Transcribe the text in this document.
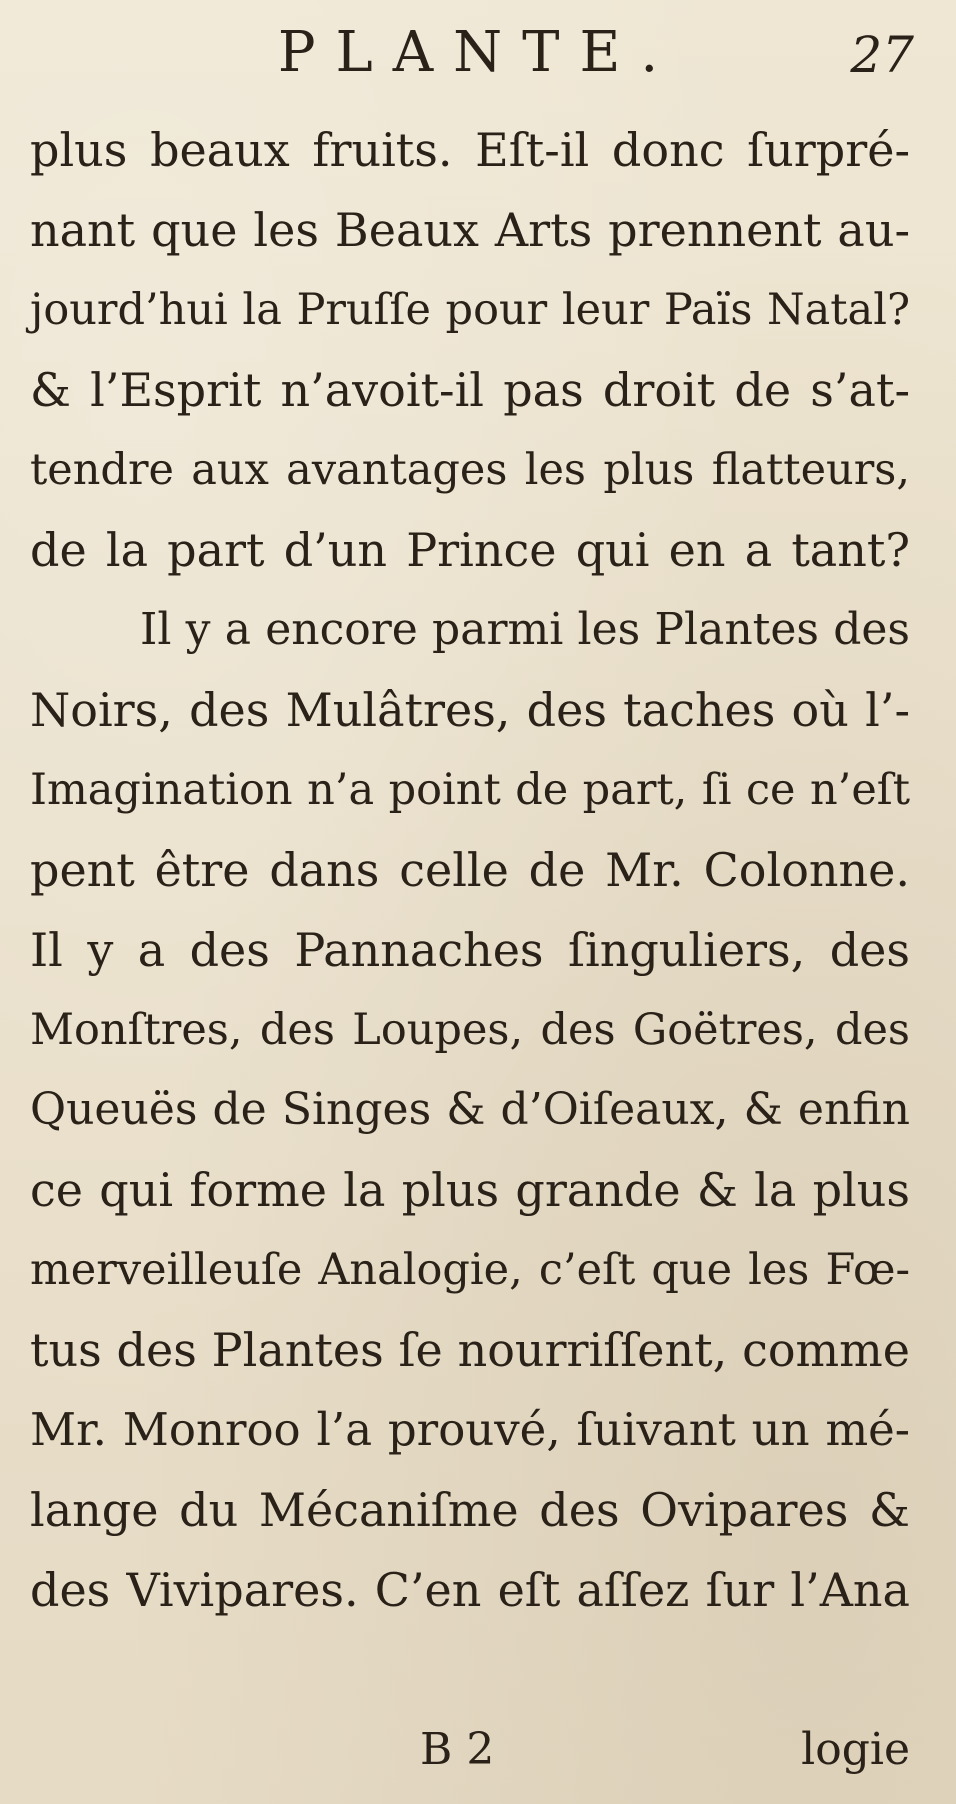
PLANTE.	27
plus beaux fruits. Eſt-il donc ſurpré-
nant que les Beaux Arts prennent au-
jourd’hui la Pruſſe pour leur Païs Natal?
& l’Esprit n’avoit-il pas droit de s’at-
tendre aux avantages les plus flatteurs,
de la part d’un Prince qui en a tant?
Il y a encore parmi les Plantes des
Noirs, des Mulâtres, des taches où l’-
Imagination n’a point de part, ſi ce n’eſt
pent être dans celle de Mr. Colonne.
Il y a des Pannaches ſinguliers, des
Monſtres, des Loupes, des Goëtres, des
Queuës de Singes & d’Oiſeaux, & enfin
ce qui forme la plus grande & la plus
merveilleuſe Analogie, c’eſt que les Fœ-
tus des Plantes ſe nourriſſent, comme
Mr. Monroo l’a prouvé, ſuivant un mé-
lange du Mécaniſme des Ovipares &
des Vivipares. C’en eſt aſſez ſur l’Ana
B 2	logie
